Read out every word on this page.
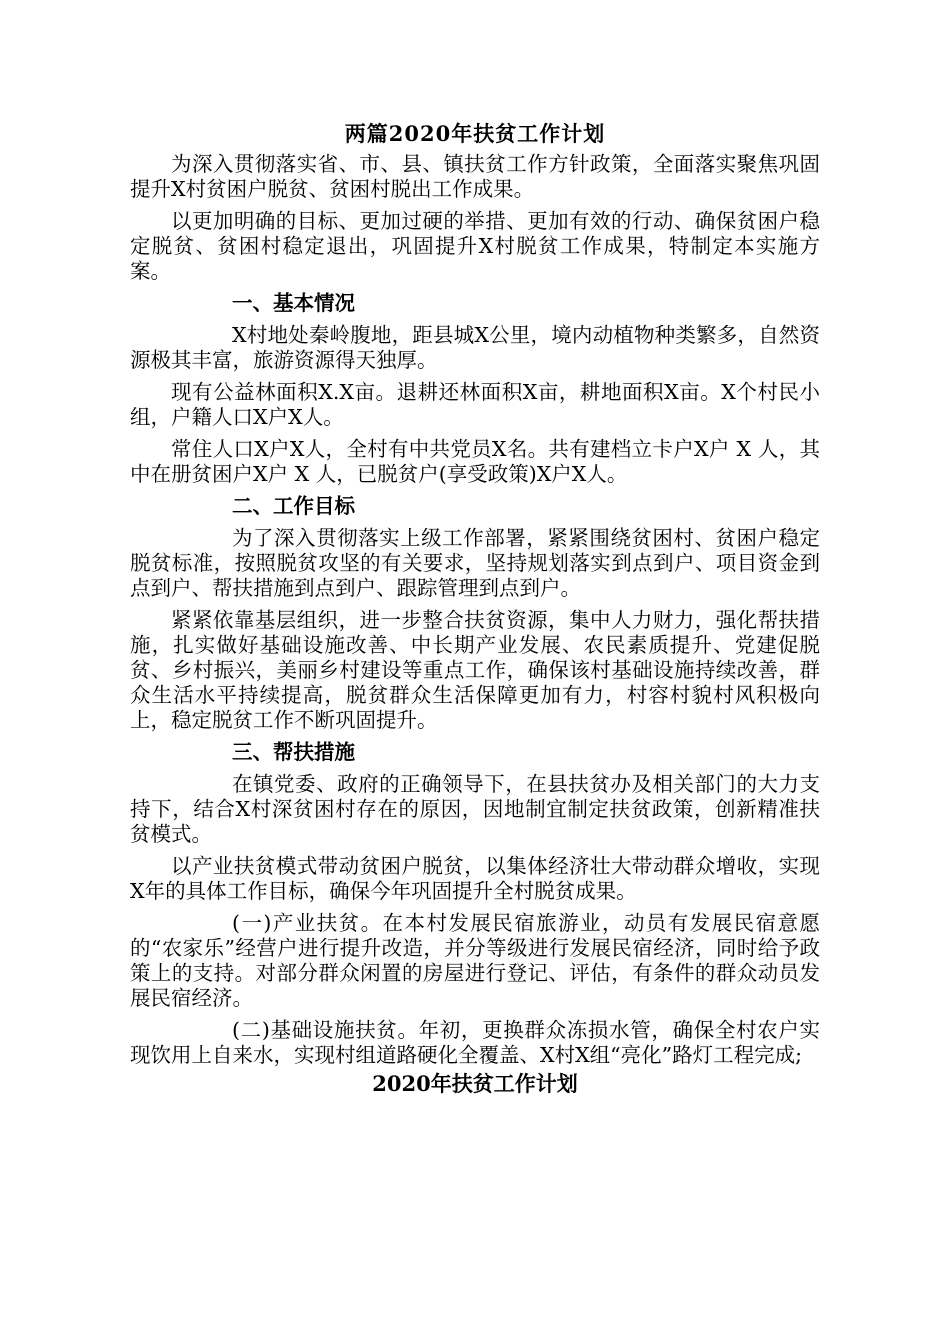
两篇2020年扶贫工作计划

为深入贯彻落实省、市、县、镇扶贫工作方针政策，全面落实聚焦巩固提升X村贫困户脱贫、贫困村脱出工作成果。

以更加明确的目标、更加过硬的举措、更加有效的行动、确保贫困户稳定脱贫、贫困村稳定退出，巩固提升X村脱贫工作成果，特制定本实施方案。

一、基本情况

X村地处秦岭腹地，距县城X公里，境内动植物种类繁多，自然资源极其丰富，旅游资源得天独厚。

现有公益林面积X.X亩。退耕还林面积X亩，耕地面积X亩。X个村民小组，户籍人口X户X人。

常住人口X户X人，全村有中共党员X名。共有建档立卡户X户 X 人，其中在册贫困户X户 X 人，已脱贫户(享受政策)X户X人。

二、工作目标

为了深入贯彻落实上级工作部署，紧紧围绕贫困村、贫困户稳定脱贫标准，按照脱贫攻坚的有关要求，坚持规划落实到点到户、项目资金到点到户、帮扶措施到点到户、跟踪管理到点到户。

紧紧依靠基层组织，进一步整合扶贫资源，集中人力财力，强化帮扶措施，扎实做好基础设施改善、中长期产业发展、农民素质提升、党建促脱贫、乡村振兴，美丽乡村建设等重点工作，确保该村基础设施持续改善，群众生活水平持续提高，脱贫群众生活保障更加有力，村容村貌村风积极向上，稳定脱贫工作不断巩固提升。

三、帮扶措施

在镇党委、政府的正确领导下，在县扶贫办及相关部门的大力支持下，结合X村深贫困村存在的原因，因地制宜制定扶贫政策，创新精准扶贫模式。

以产业扶贫模式带动贫困户脱贫，以集体经济壮大带动群众增收，实现X年的具体工作目标，确保今年巩固提升全村脱贫成果。

(一)产业扶贫。在本村发展民宿旅游业，动员有发展民宿意愿的“农家乐”经营户进行提升改造，并分等级进行发展民宿经济，同时给予政策上的支持。对部分群众闲置的房屋进行登记、评估，有条件的群众动员发展民宿经济。

(二)基础设施扶贫。年初，更换群众冻损水管，确保全村农户实现饮用上自来水，实现村组道路硬化全覆盖、X村X组“亮化”路灯工程完成;

2020年扶贫工作计划
